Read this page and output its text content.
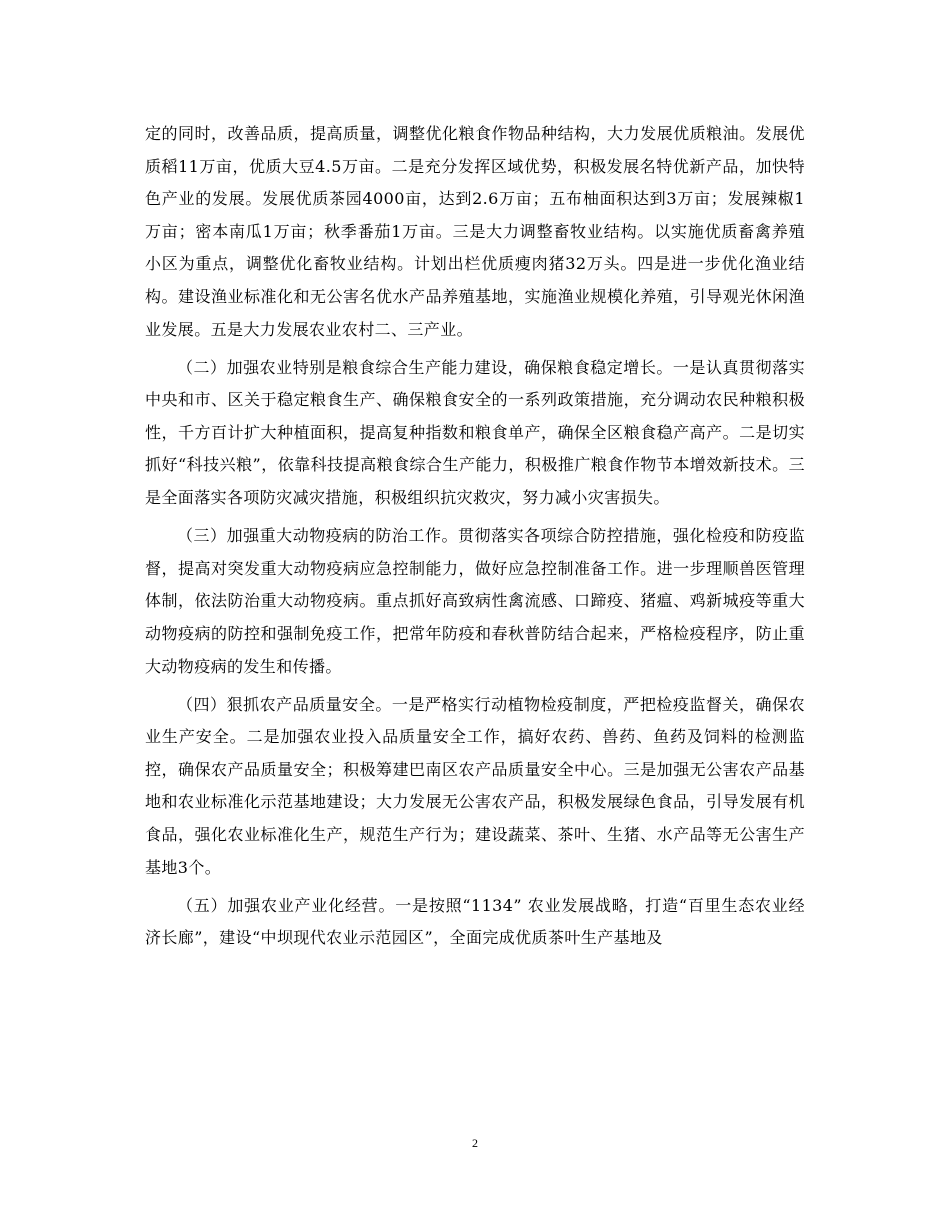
定的同时，改善品质，提高质量，调整优化粮食作物品种结构，大力发展优质粮油。发展优质稻11万亩，优质大豆4.5万亩。二是充分发挥区域优势，积极发展名特优新产品，加快特色产业的发展。发展优质茶园4000亩，达到2.6万亩；五布柚面积达到3万亩；发展辣椒1万亩；密本南瓜1万亩；秋季番茄1万亩。三是大力调整畜牧业结构。以实施优质畜禽养殖小区为重点，调整优化畜牧业结构。计划出栏优质瘦肉猪32万头。四是进一步优化渔业结构。建设渔业标准化和无公害名优水产品养殖基地，实施渔业规模化养殖，引导观光休闲渔业发展。五是大力发展农业农村二、三产业。

（二）加强农业特别是粮食综合生产能力建设，确保粮食稳定增长。一是认真贯彻落实中央和市、区关于稳定粮食生产、确保粮食安全的一系列政策措施，充分调动农民种粮积极性，千方百计扩大种植面积，提高复种指数和粮食单产，确保全区粮食稳产高产。二是切实抓好“科技兴粮”，依靠科技提高粮食综合生产能力，积极推广粮食作物节本增效新技术。三是全面落实各项防灾减灾措施，积极组织抗灾救灾，努力减小灾害损失。

（三）加强重大动物疫病的防治工作。贯彻落实各项综合防控措施，强化检疫和防疫监督，提高对突发重大动物疫病应急控制能力，做好应急控制准备工作。进一步理顺兽医管理体制，依法防治重大动物疫病。重点抓好高致病性禽流感、口蹄疫、猪瘟、鸡新城疫等重大动物疫病的防控和强制免疫工作，把常年防疫和春秋普防结合起来，严格检疫程序，防止重大动物疫病的发生和传播。

（四）狠抓农产品质量安全。一是严格实行动植物检疫制度，严把检疫监督关，确保农业生产安全。二是加强农业投入品质量安全工作，搞好农药、兽药、鱼药及饲料的检测监控，确保农产品质量安全；积极筹建巴南区农产品质量安全中心。三是加强无公害农产品基地和农业标准化示范基地建设；大力发展无公害农产品，积极发展绿色食品，引导发展有机食品，强化农业标准化生产，规范生产行为；建设蔬菜、茶叶、生猪、水产品等无公害生产基地3个。

（五）加强农业产业化经营。一是按照“1134” 农业发展战略，打造“百里生态农业经济长廊”，建设“中坝现代农业示范园区”，全面完成优质茶叶生产基地及

2
